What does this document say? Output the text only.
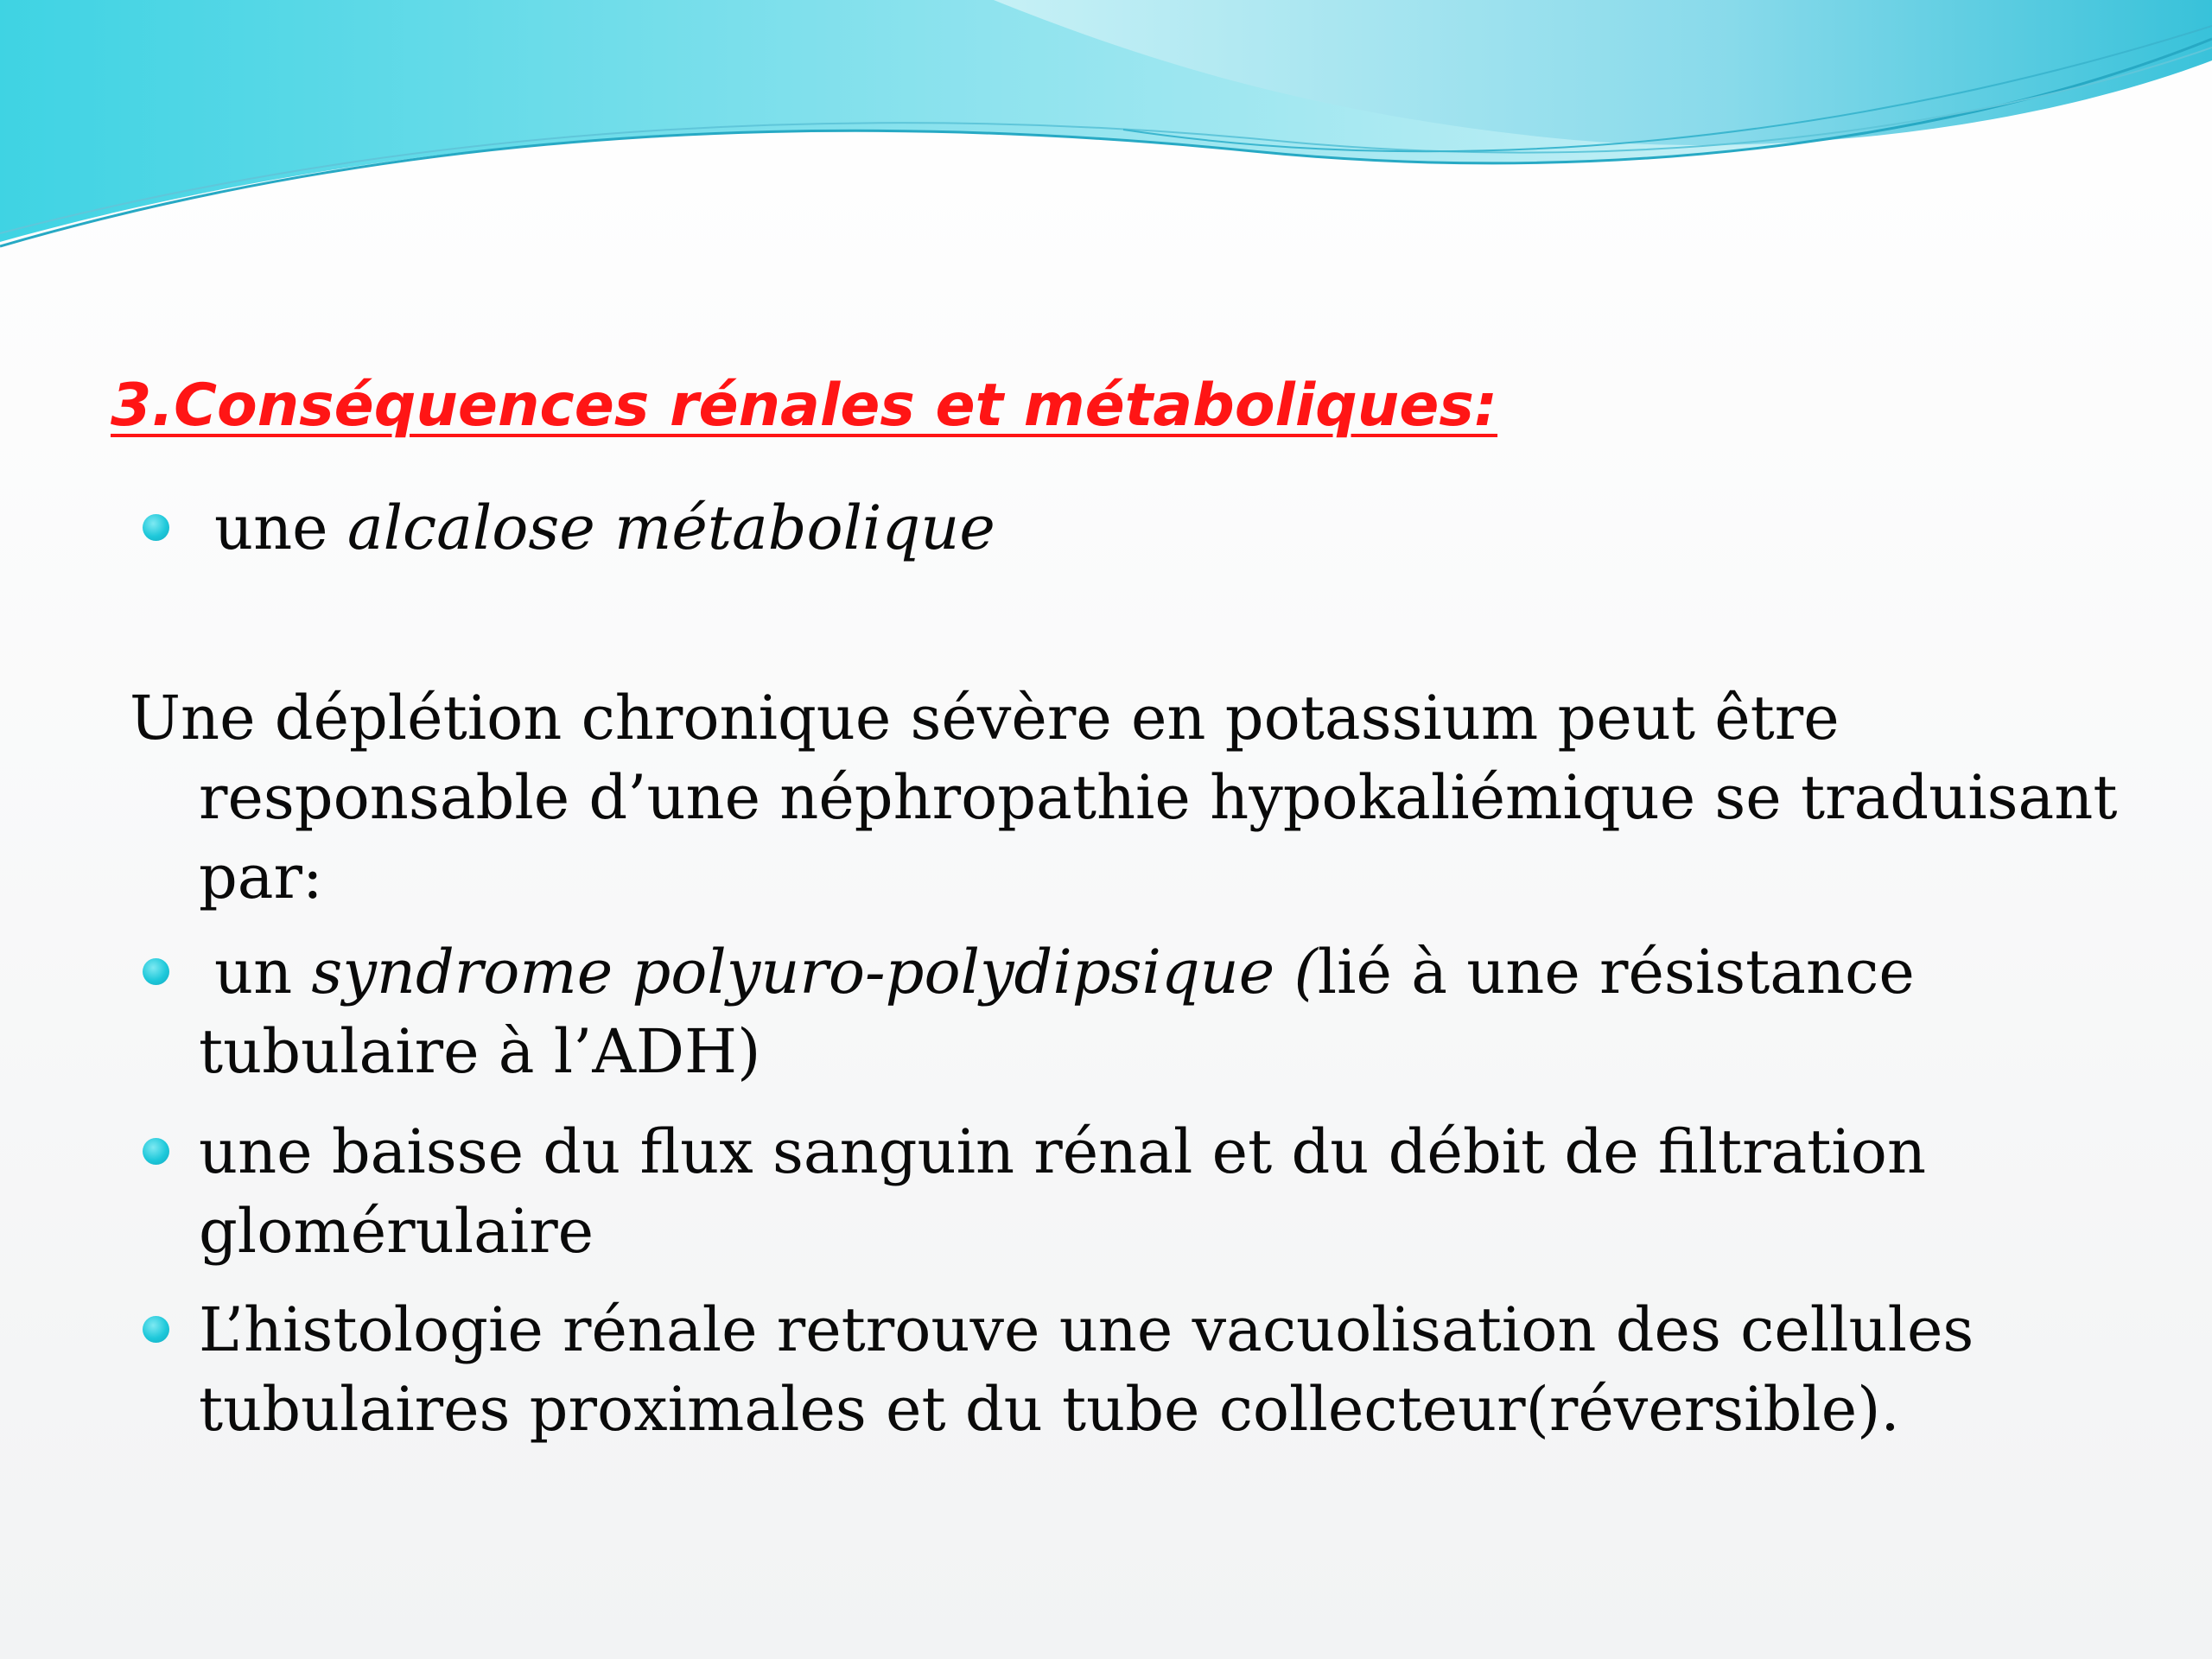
3.Conséquences rénales et métaboliques:

une alcalose métabolique

Une déplétion chronique sévère en potassium peut être responsable d’une néphropathie hypokaliémique se traduisant par:

un syndrome polyuro-polydipsique (lié à une résistance tubulaire à l’ADH)

une baisse du flux sanguin rénal et du débit de filtration glomérulaire

L’histologie rénale retrouve une vacuolisation des cellules tubulaires proximales et du tube collecteur(réversible).
